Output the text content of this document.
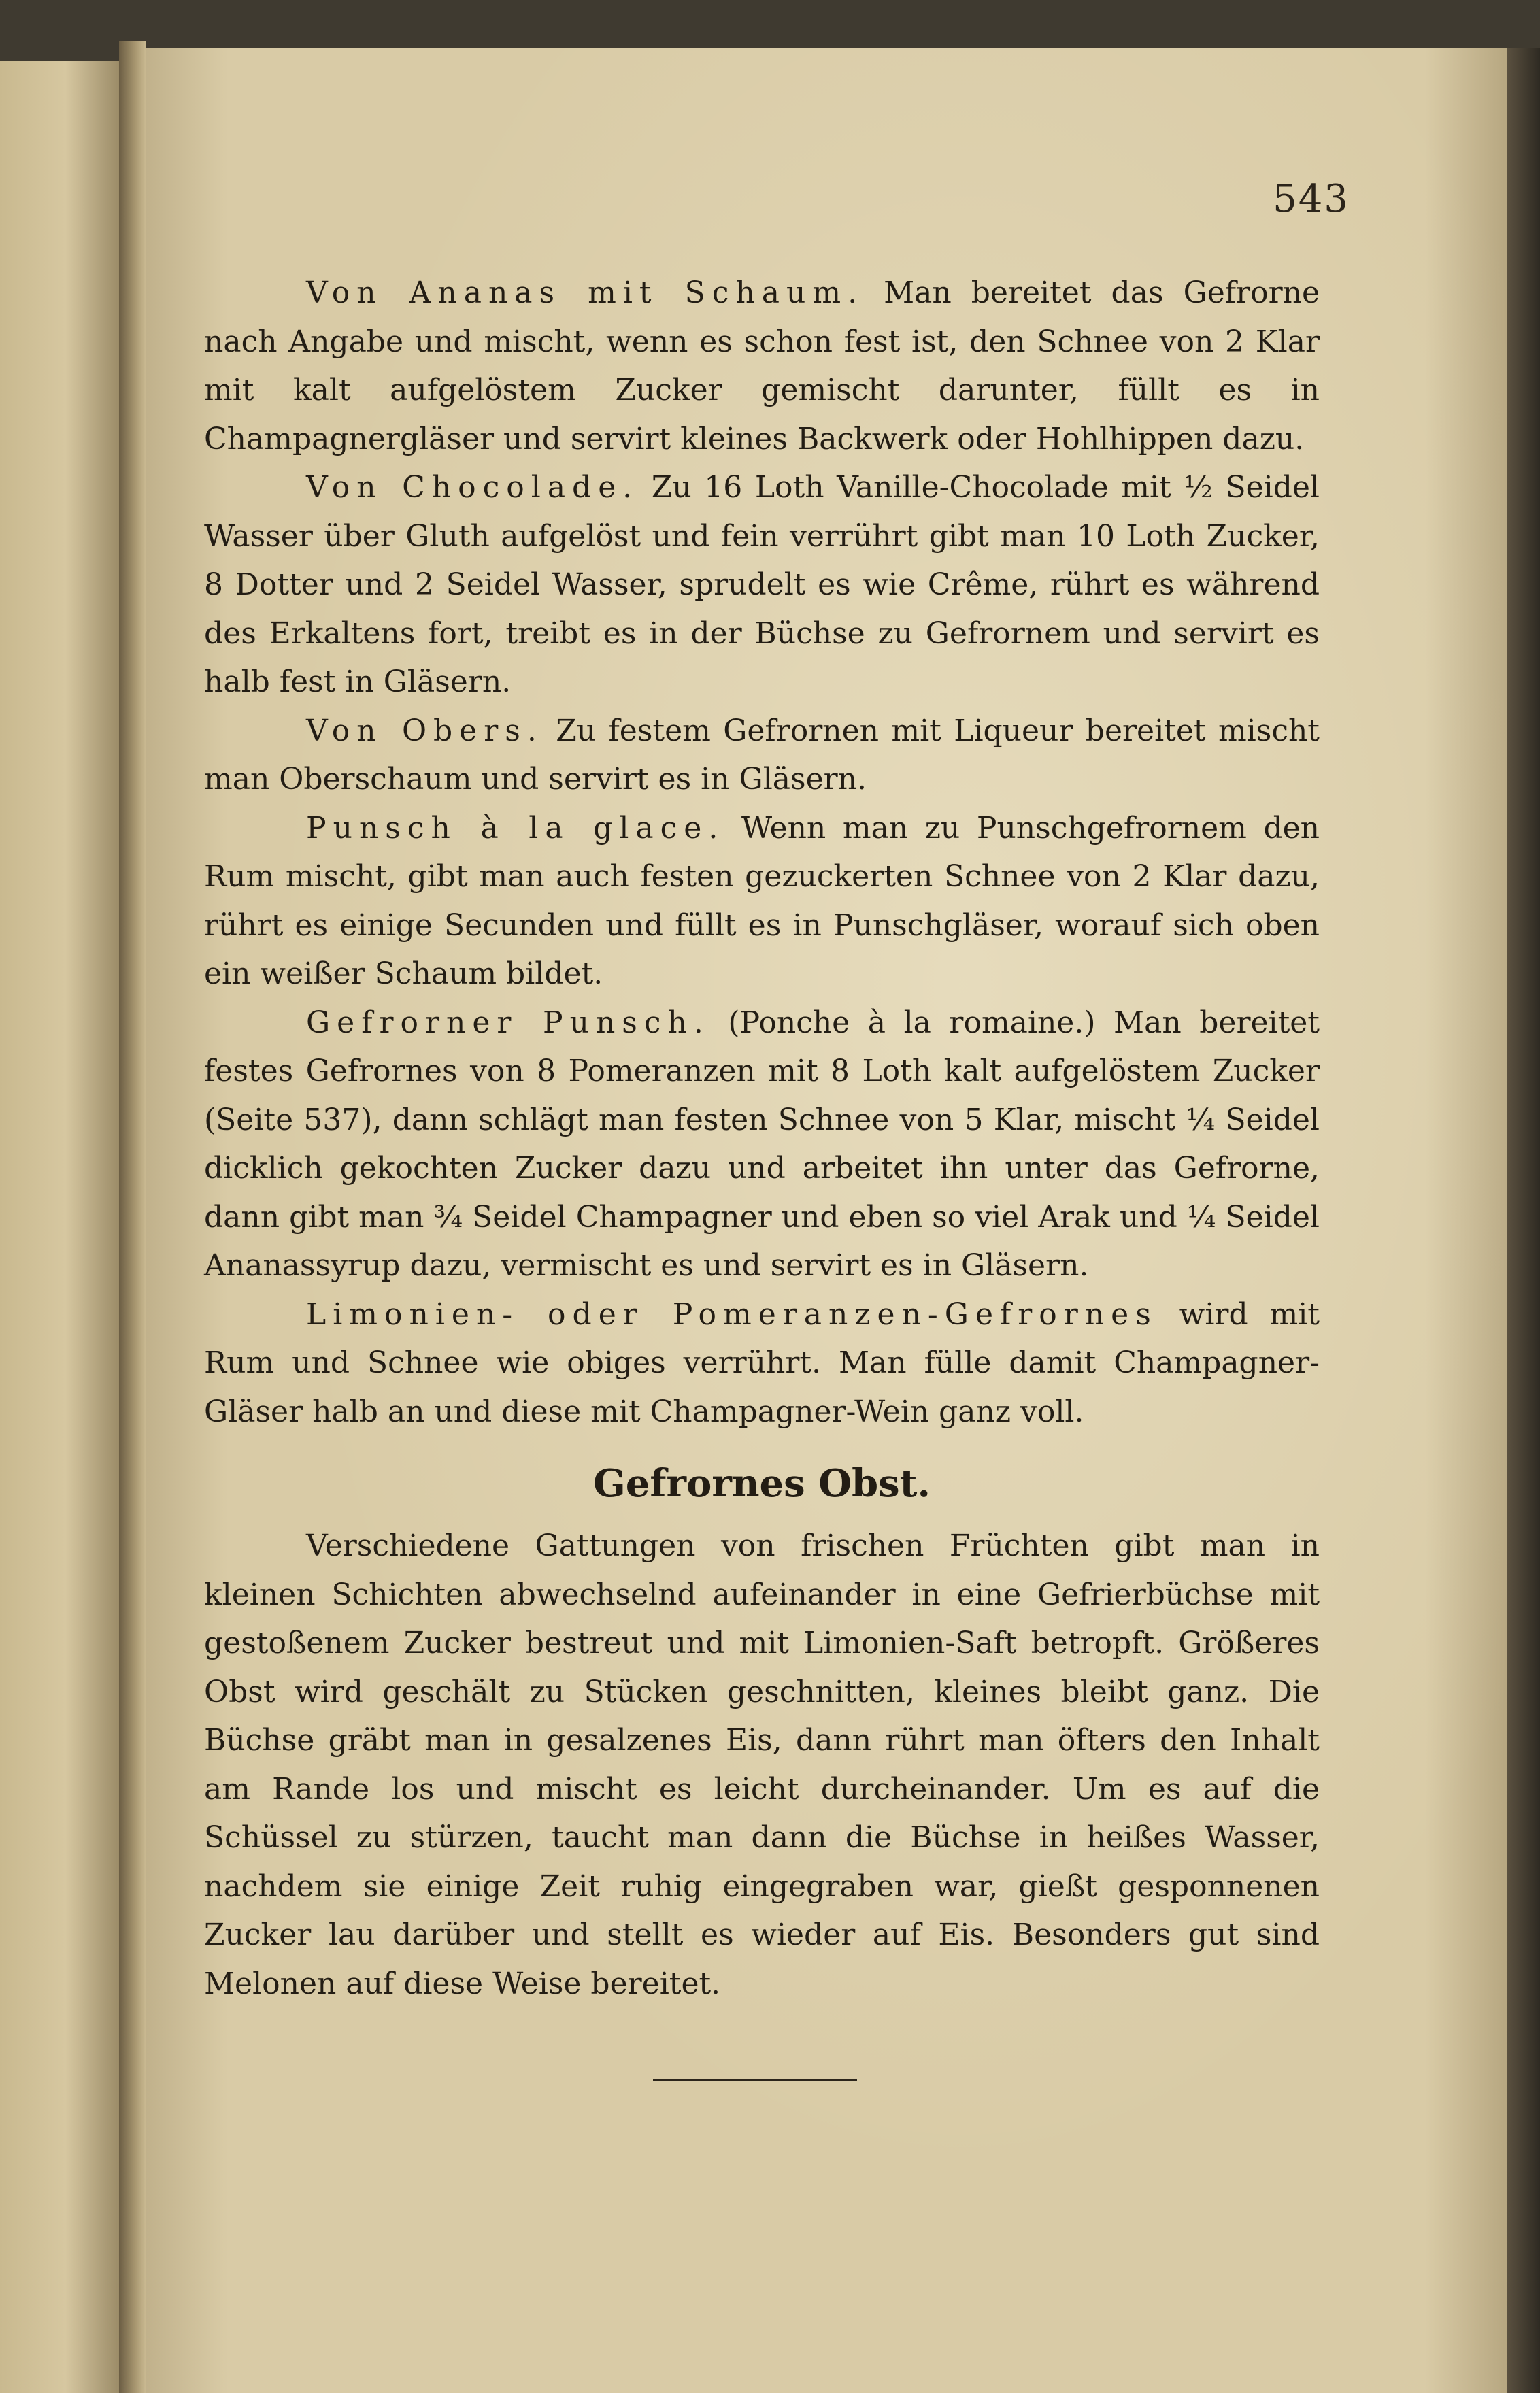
543

Von Ananas mit Schaum. Man bereitet das Gefrorne nach Angabe und mischt, wenn es schon fest ist, den Schnee von 2 Klar mit kalt aufgelöstem Zucker gemischt darunter, füllt es in Champagnergläser und servirt kleines Backwerk oder Hohlhippen dazu.

Von Chocolade. Zu 16 Loth Vanille-Chocolade mit ½ Seidel Wasser über Gluth aufgelöst und fein verrührt gibt man 10 Loth Zucker, 8 Dotter und 2 Seidel Wasser, sprudelt es wie Crême, rührt es während des Erkaltens fort, treibt es in der Büchse zu Gefrornem und servirt es halb fest in Gläsern.

Von Obers. Zu festem Gefrornen mit Liqueur bereitet mischt man Oberschaum und servirt es in Gläsern.

Punsch à la glace. Wenn man zu Punschgefrornem den Rum mischt, gibt man auch festen gezuckerten Schnee von 2 Klar dazu, rührt es einige Secunden und füllt es in Punschgläser, worauf sich oben ein weißer Schaum bildet.

Gefrorner Punsch. (Ponche à la romaine.) Man bereitet festes Gefrornes von 8 Pomeranzen mit 8 Loth kalt aufgelöstem Zucker (Seite 537), dann schlägt man festen Schnee von 5 Klar, mischt ¼ Seidel dicklich gekochten Zucker dazu und arbeitet ihn unter das Gefrorne, dann gibt man ¾ Seidel Champagner und eben so viel Arak und ¼ Seidel Ananassyrup dazu, vermischt es und servirt es in Gläsern.

Limonien- oder Pomeranzen-Gefrornes wird mit Rum und Schnee wie obiges verrührt. Man fülle damit Champagner-Gläser halb an und diese mit Champagner-Wein ganz voll.

Gefrornes Obst.

Verschiedene Gattungen von frischen Früchten gibt man in kleinen Schichten abwechselnd aufeinander in eine Gefrierbüchse mit gestoßenem Zucker bestreut und mit Limonien-Saft betropft. Größeres Obst wird geschält zu Stücken geschnitten, kleines bleibt ganz. Die Büchse gräbt man in gesalzenes Eis, dann rührt man öfters den Inhalt am Rande los und mischt es leicht durcheinander. Um es auf die Schüssel zu stürzen, taucht man dann die Büchse in heißes Wasser, nachdem sie einige Zeit ruhig eingegraben war, gießt gesponnenen Zucker lau darüber und stellt es wieder auf Eis. Besonders gut sind Melonen auf diese Weise bereitet.
